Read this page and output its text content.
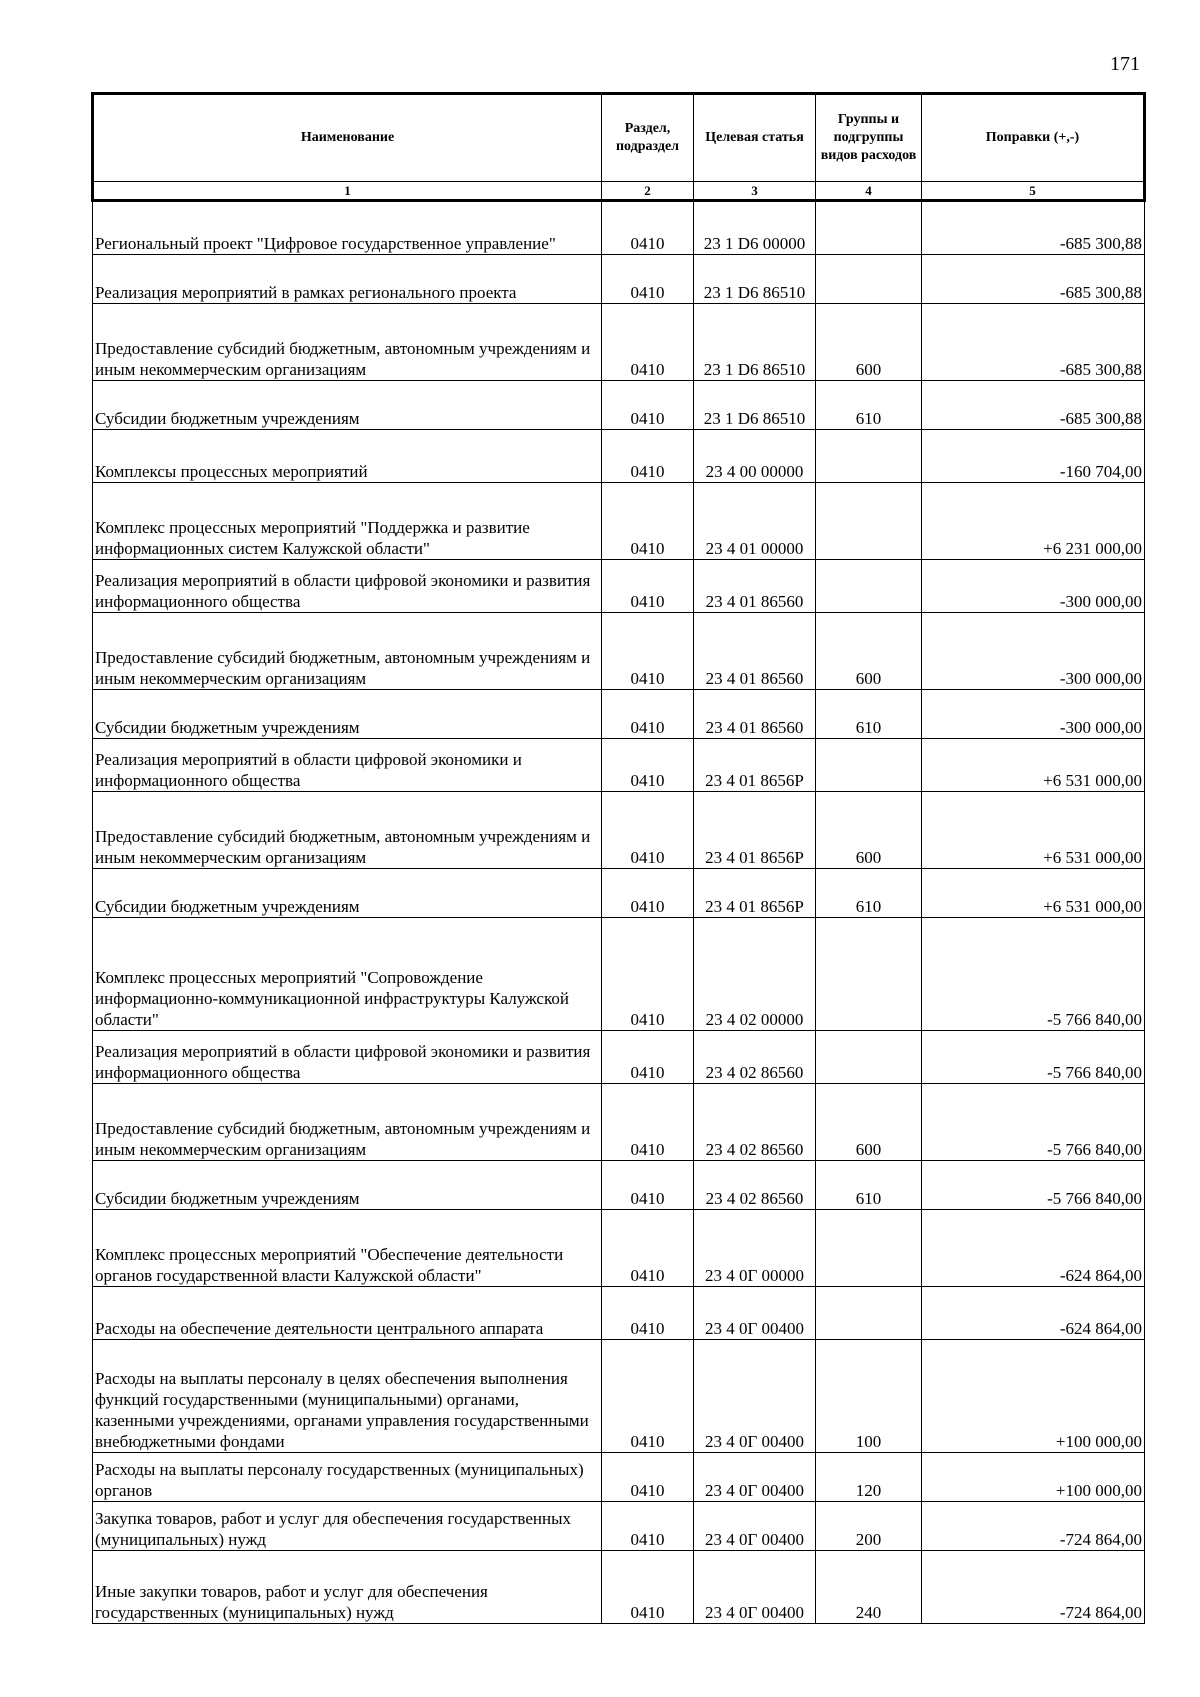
171
Наименование	Раздел, подраздел	Целевая статья	Группы и подгруппы видов расходов	Поправки (+,-)
1	2	3	4	5
Региональный проект "Цифровое государственное управление"	0410	23 1 D6 00000		-685 300,88
Реализация мероприятий в рамках регионального проекта	0410	23 1 D6 86510		-685 300,88
Предоставление субсидий бюджетным, автономным учреждениям и иным некоммерческим организациям	0410	23 1 D6 86510	600	-685 300,88
Субсидии бюджетным учреждениям	0410	23 1 D6 86510	610	-685 300,88
Комплексы процессных мероприятий	0410	23 4 00 00000		-160 704,00
Комплекс процессных мероприятий "Поддержка и развитие информационных систем Калужской области"	0410	23 4 01 00000		+6 231 000,00
Реализация мероприятий в области цифровой экономики и развития информационного общества	0410	23 4 01 86560		-300 000,00
Предоставление субсидий бюджетным, автономным учреждениям и иным некоммерческим организациям	0410	23 4 01 86560	600	-300 000,00
Субсидии бюджетным учреждениям	0410	23 4 01 86560	610	-300 000,00
Реализация мероприятий в области цифровой экономики и информационного общества	0410	23 4 01 8656Р		+6 531 000,00
Предоставление субсидий бюджетным, автономным учреждениям и иным некоммерческим организациям	0410	23 4 01 8656Р	600	+6 531 000,00
Субсидии бюджетным учреждениям	0410	23 4 01 8656Р	610	+6 531 000,00
Комплекс процессных мероприятий "Сопровождение информационно-коммуникационной инфраструктуры Калужской области"	0410	23 4 02 00000		-5 766 840,00
Реализация мероприятий в области цифровой экономики и развития информационного общества	0410	23 4 02 86560		-5 766 840,00
Предоставление субсидий бюджетным, автономным учреждениям и иным некоммерческим организациям	0410	23 4 02 86560	600	-5 766 840,00
Субсидии бюджетным учреждениям	0410	23 4 02 86560	610	-5 766 840,00
Комплекс процессных мероприятий "Обеспечение деятельности органов государственной власти Калужской области"	0410	23 4 0Г 00000		-624 864,00
Расходы на обеспечение деятельности центрального аппарата	0410	23 4 0Г 00400		-624 864,00
Расходы на выплаты персоналу в целях обеспечения выполнения функций государственными (муниципальными) органами, казенными учреждениями, органами управления государственными внебюджетными фондами	0410	23 4 0Г 00400	100	+100 000,00
Расходы на выплаты персоналу государственных (муниципальных) органов	0410	23 4 0Г 00400	120	+100 000,00
Закупка товаров, работ и услуг для обеспечения государственных (муниципальных) нужд	0410	23 4 0Г 00400	200	-724 864,00
Иные закупки товаров, работ и услуг для обеспечения государственных (муниципальных) нужд	0410	23 4 0Г 00400	240	-724 864,00
